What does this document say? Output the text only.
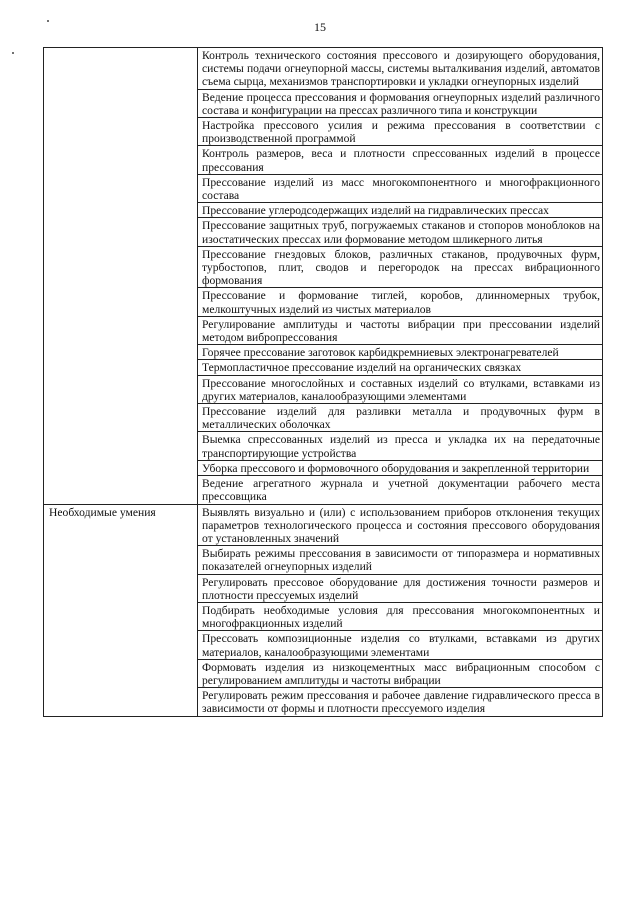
15
	Контроль технического состояния прессового и дозирующего оборудования, системы подачи огнеупорной массы, системы выталкивания изделий, автоматов съема сырца, механизмов транспортировки и укладки огнеупорных изделий
	Ведение процесса прессования и формования огнеупорных изделий различного состава и конфигурации на прессах различного типа и конструкции
	Настройка прессового усилия и режима прессования в соответствии с производственной программой
	Контроль размеров, веса и плотности спрессованных изделий в процессе прессования
	Прессование изделий из масс многокомпонентного и многофракционного состава
	Прессование углеродсодержащих изделий на гидравлических прессах
	Прессование защитных труб, погружаемых стаканов и стопоров моноблоков на изостатических прессах или формование методом шликерного литья
	Прессование гнездовых блоков, различных стаканов, продувочных фурм, турбостопов, плит, сводов и перегородок на прессах вибрационного формования
	Прессование и формование тиглей, коробов, длинномерных трубок, мелкоштучных изделий из чистых материалов
	Регулирование амплитуды и частоты вибрации при прессовании изделий методом вибропрессования
	Горячее прессование заготовок карбидкремниевых электронагревателей
	Термопластичное прессование изделий на органических связках
	Прессование многослойных и составных изделий со втулками, вставками из других материалов, каналообразующими элементами
	Прессование изделий для разливки металла и продувочных фурм в металлических оболочках
	Выемка спрессованных изделий из пресса и укладка их на передаточные транспортирующие устройства
	Уборка прессового и формовочного оборудования и закрепленной территории
	Ведение агрегатного журнала и учетной документации рабочего места прессовщика
Необходимые умения	Выявлять визуально и (или) с использованием приборов отклонения текущих параметров технологического процесса и состояния прессового оборудования от установленных значений
	Выбирать режимы прессования в зависимости от типоразмера и нормативных показателей огнеупорных изделий
	Регулировать прессовое оборудование для достижения точности размеров и плотности прессуемых изделий
	Подбирать необходимые условия для прессования многокомпонентных и многофракционных изделий
	Прессовать композиционные изделия со втулками, вставками из других материалов, каналообразующими элементами
	Формовать изделия из низкоцементных масс вибрационным способом с регулированием амплитуды и частоты вибрации
	Регулировать режим прессования и рабочее давление гидравлического пресса в зависимости от формы и плотности прессуемого изделия
